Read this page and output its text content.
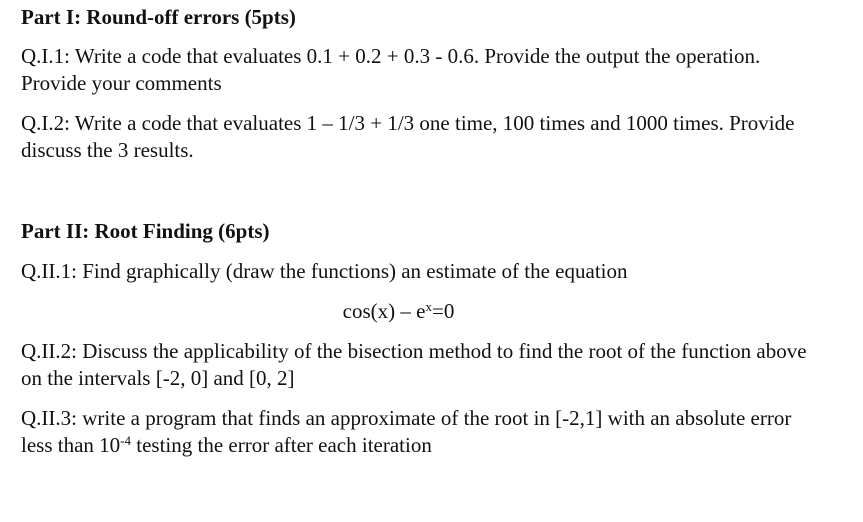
Part I: Round-off errors (5pts)

Q.I.1: Write a code that evaluates 0.1 + 0.2 + 0.3 - 0.6. Provide the output the operation. Provide your comments

Q.I.2: Write a code that evaluates 1 – 1/3 + 1/3 one time, 100 times and 1000 times. Provide discuss the 3 results.

Part II: Root Finding (6pts)

Q.II.1: Find graphically (draw the functions) an estimate of the equation

$\cos(x) - e^x=0$

Q.II.2: Discuss the applicability of the bisection method to find the root of the function above on the intervals [-2, 0] and [0, 2]

Q.II.3: write a program that finds an approximate of the root in [-2,1] with an absolute error less than $10^{-4}$ testing the error after each iteration
